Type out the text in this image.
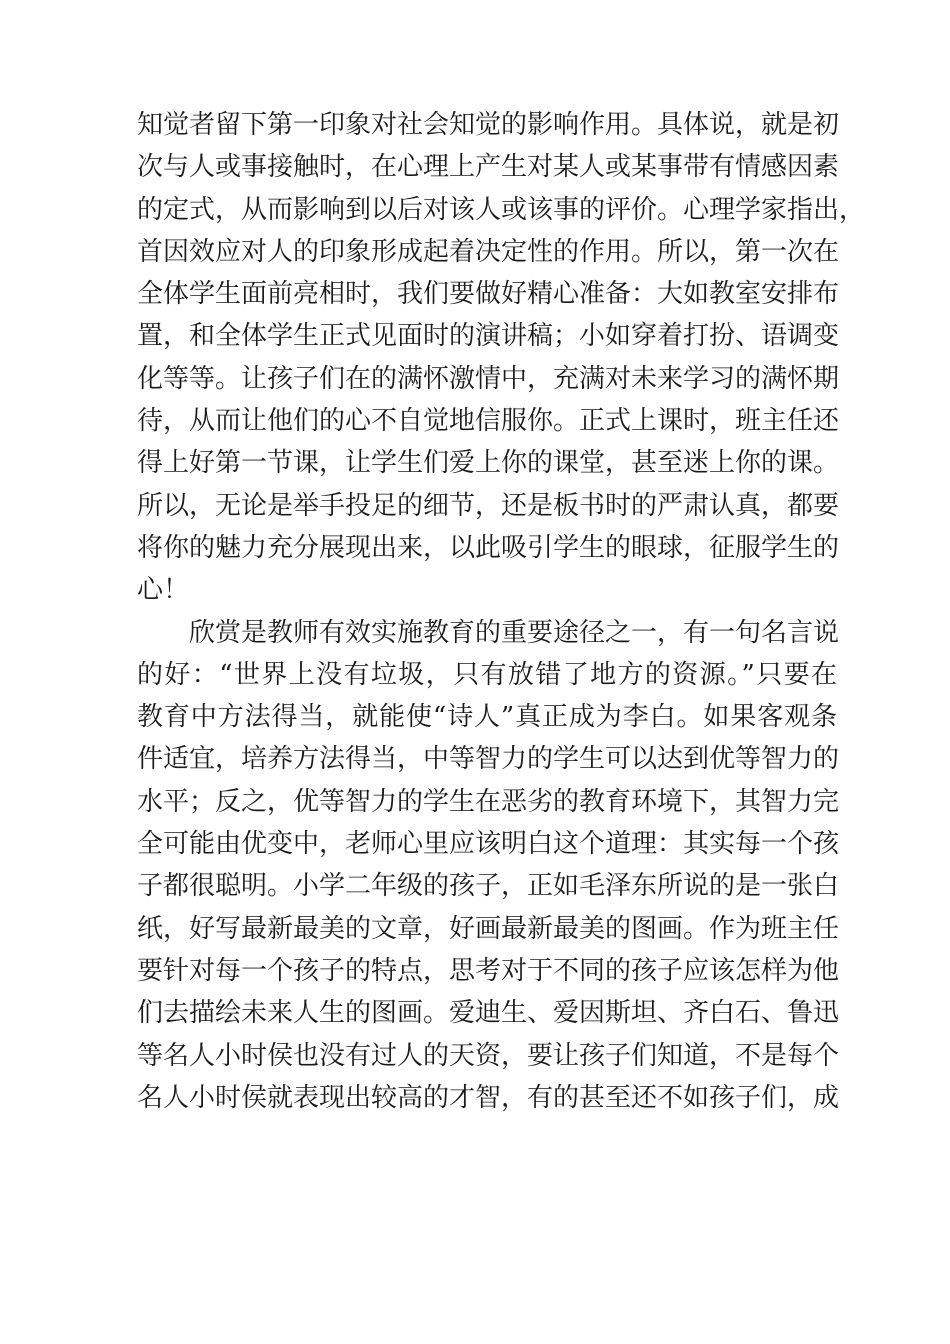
知觉者留下第一印象对社会知觉的影响作用。具体说，就是初
次与人或事接触时，在心理上产生对某人或某事带有情感因素
的定式，从而影响到以后对该人或该事的评价。心理学家指出，
首因效应对人的印象形成起着决定性的作用。所以，第一次在
全体学生面前亮相时，我们要做好精心准备：大如教室安排布
置，和全体学生正式见面时的演讲稿；小如穿着打扮、语调变
化等等。让孩子们在的满怀激情中，充满对未来学习的满怀期
待，从而让他们的心不自觉地信服你。正式上课时，班主任还
得上好第一节课，让学生们爱上你的课堂，甚至迷上你的课。
所以，无论是举手投足的细节，还是板书时的严肃认真，都要
将你的魅力充分展现出来，以此吸引学生的眼球，征服学生的
心！
欣赏是教师有效实施教育的重要途径之一，有一句名言说
的好：“世界上没有垃圾，只有放错了地方的资源。”只要在
教育中方法得当，就能使“诗人”真正成为李白。如果客观条
件适宜，培养方法得当，中等智力的学生可以达到优等智力的
水平；反之，优等智力的学生在恶劣的教育环境下，其智力完
全可能由优变中，老师心里应该明白这个道理：其实每一个孩
子都很聪明。小学二年级的孩子，正如毛泽东所说的是一张白
纸，好写最新最美的文章，好画最新最美的图画。作为班主任
要针对每一个孩子的特点，思考对于不同的孩子应该怎样为他
们去描绘未来人生的图画。爱迪生、爱因斯坦、齐白石、鲁迅
等名人小时侯也没有过人的天资，要让孩子们知道，不是每个
名人小时侯就表现出较高的才智，有的甚至还不如孩子们，成
